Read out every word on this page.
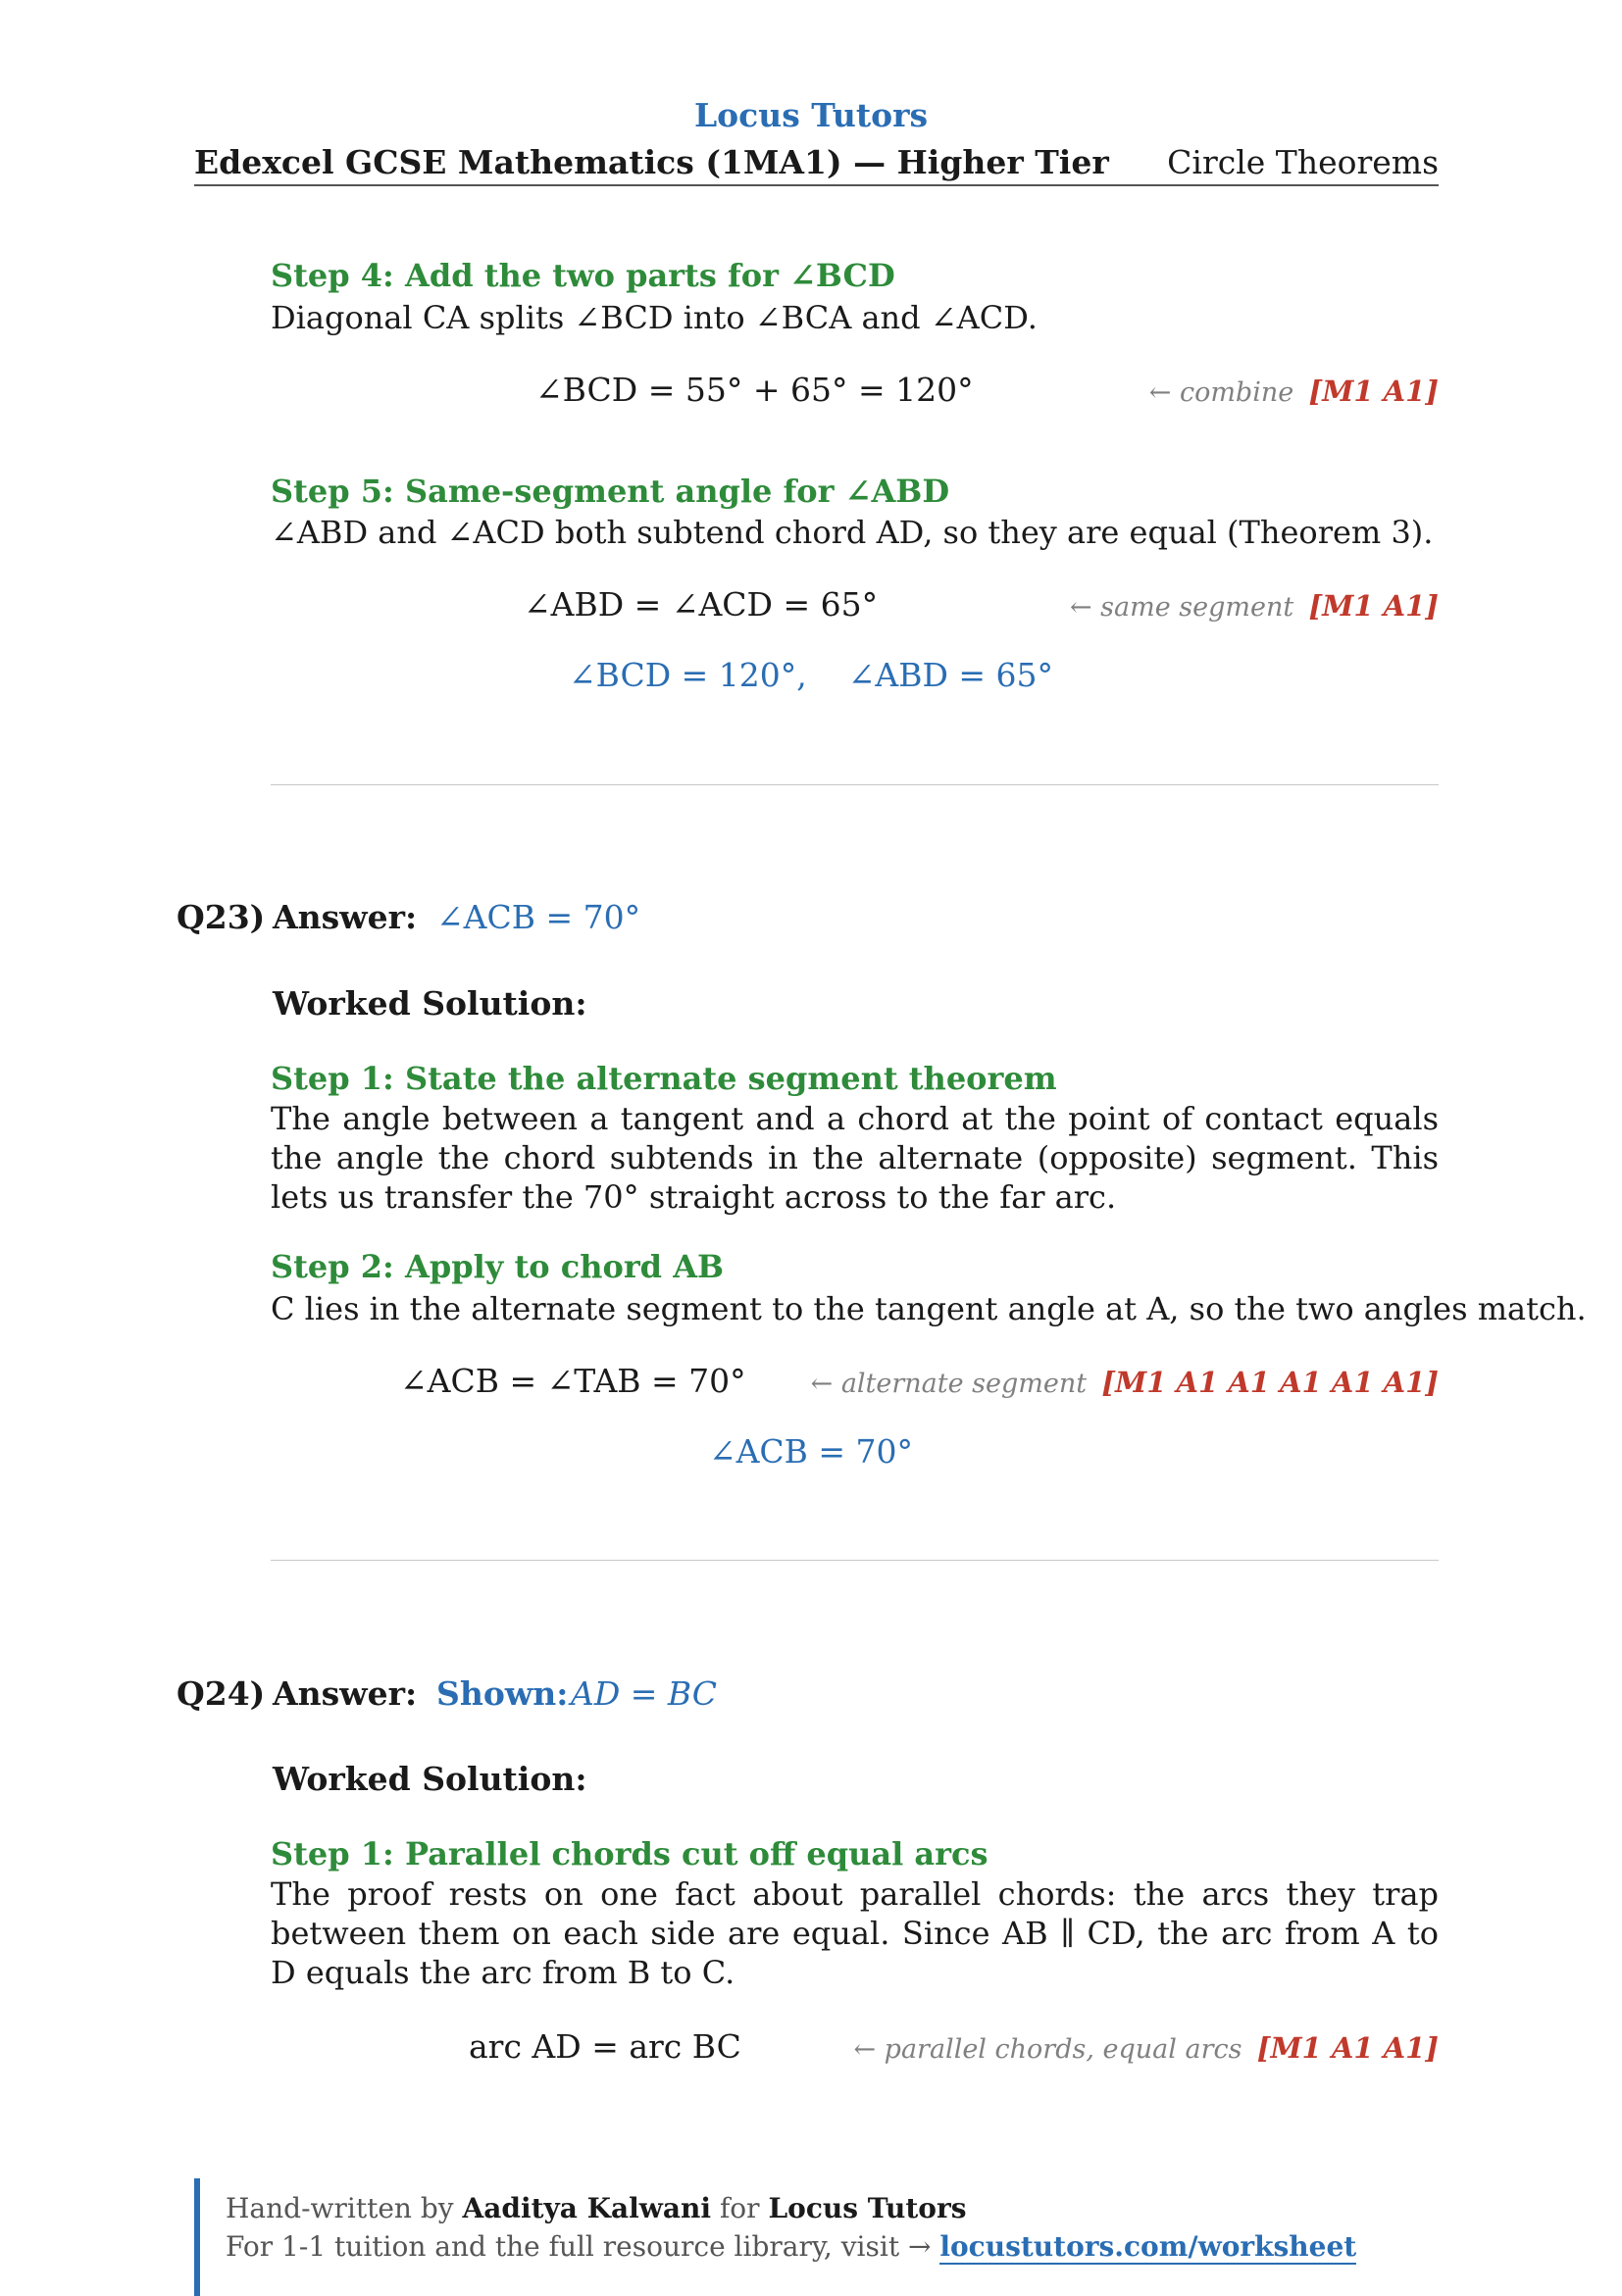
Locus Tutors
Edexcel GCSE Mathematics (1MA1) — Higher Tier Circle Theorems
Step 4: Add the two parts for ∠BCD
Diagonal CA splits ∠BCD into ∠BCA and ∠ACD.
∠BCD = 55° + 65° = 120°	← combine [M1 A1]
Step 5: Same-segment angle for ∠ABD
∠ABD and ∠ACD both subtend chord AD, so they are equal (Theorem 3).
∠ABD = ∠ACD = 65°	← same segment [M1 A1]
∠BCD = 120°,    ∠ABD = 65°
Q23) Answer: ∠ACB = 70°
Worked Solution:
Step 1: State the alternate segment theorem
The angle between a tangent and a chord at the point of contact equals the angle the chord subtends in the alternate (opposite) segment. This lets us transfer the 70° straight across to the far arc.
Step 2: Apply to chord AB
C lies in the alternate segment to the tangent angle at A, so the two angles match.
∠ACB = ∠TAB = 70° ← alternate segment [M1 A1 A1 A1 A1 A1]
∠ACB = 70°
Q24) Answer: Shown: AD = BC
Worked Solution:
Step 1: Parallel chords cut off equal arcs
The proof rests on one fact about parallel chords: the arcs they trap between them on each side are equal. Since AB ∥ CD, the arc from A to D equals the arc from B to C.
arc AD = arc BC	← parallel chords, equal arcs [M1 A1 A1]
Hand-written by Aaditya Kalwani for Locus Tutors
For 1-1 tuition and the full resource library, visit → locustutors.com/worksheet
